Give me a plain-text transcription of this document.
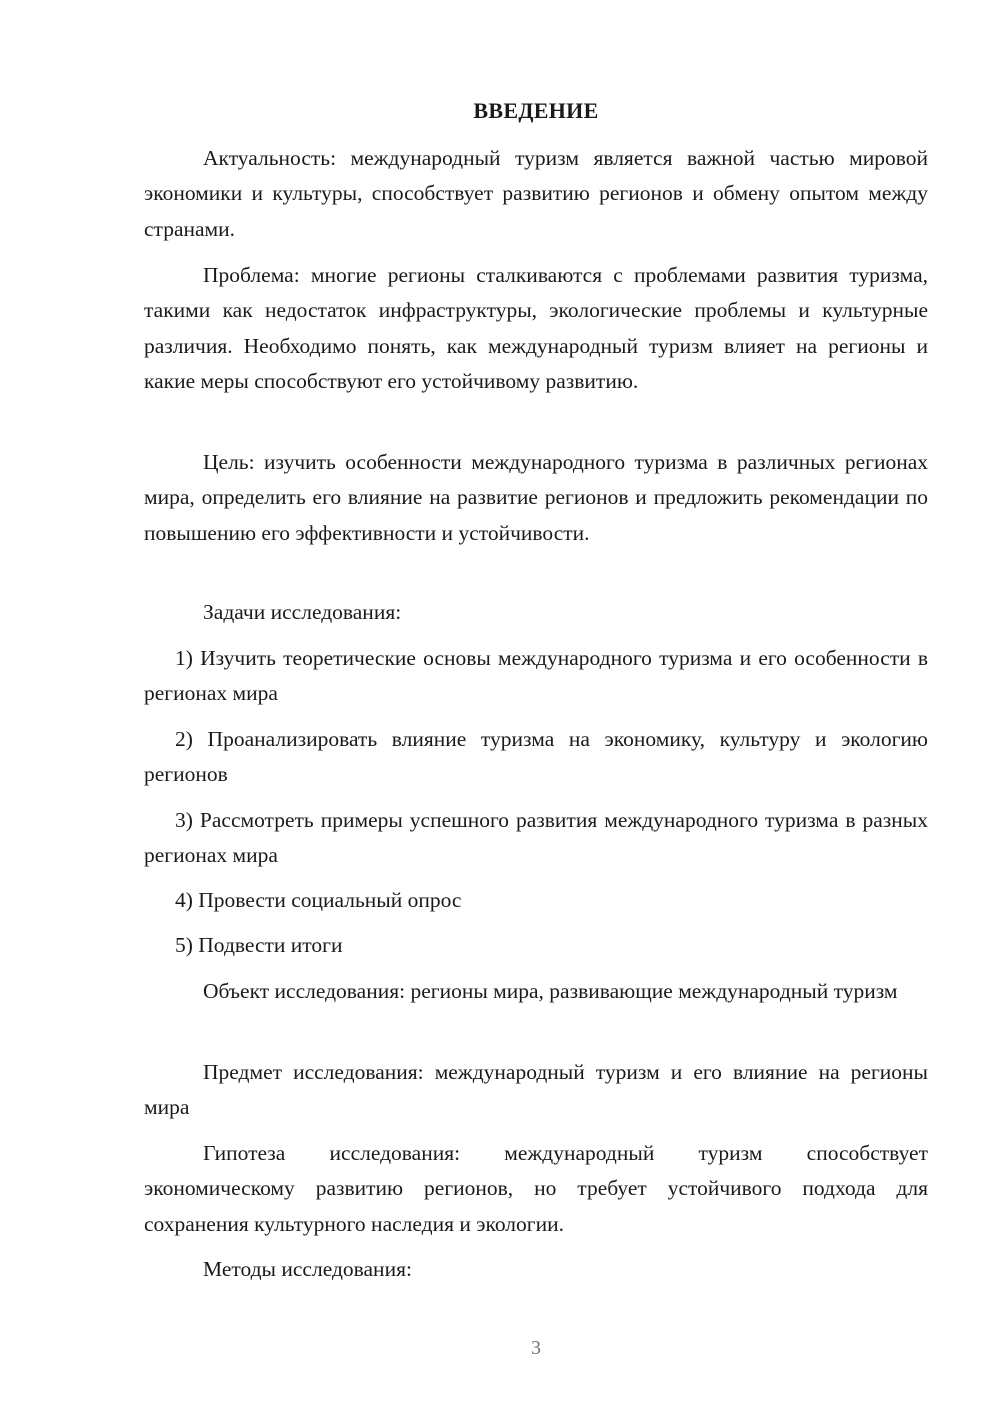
ВВЕДЕНИЕ

Актуальность: международный туризм является важной частью мировой экономики и культуры, способствует развитию регионов и обмену опытом между странами.

Проблема: многие регионы сталкиваются с проблемами развития туризма, такими как недостаток инфраструктуры, экологические проблемы и культурные различия. Необходимо понять, как международный туризм влияет на регионы и какие меры способствуют его устойчивому развитию.

Цель: изучить особенности международного туризма в различных регионах мира, определить его влияние на развитие регионов и предложить рекомендации по повышению его эффективности и устойчивости.

Задачи исследования:

1) Изучить теоретические основы международного туризма и его особенности в регионах мира

2) Проанализировать влияние туризма на экономику, культуру и экологию регионов

3) Рассмотреть примеры успешного развития международного туризма в разных регионах мира

4) Провести социальный опрос

5) Подвести итоги

Объект исследования: регионы мира, развивающие международный туризм

Предмет исследования: международный туризм и его влияние на регионы мира

Гипотеза исследования: международный туризм способствует экономическому развитию регионов, но требует устойчивого подхода для сохранения культурного наследия и экологии.

Методы исследования:

3
